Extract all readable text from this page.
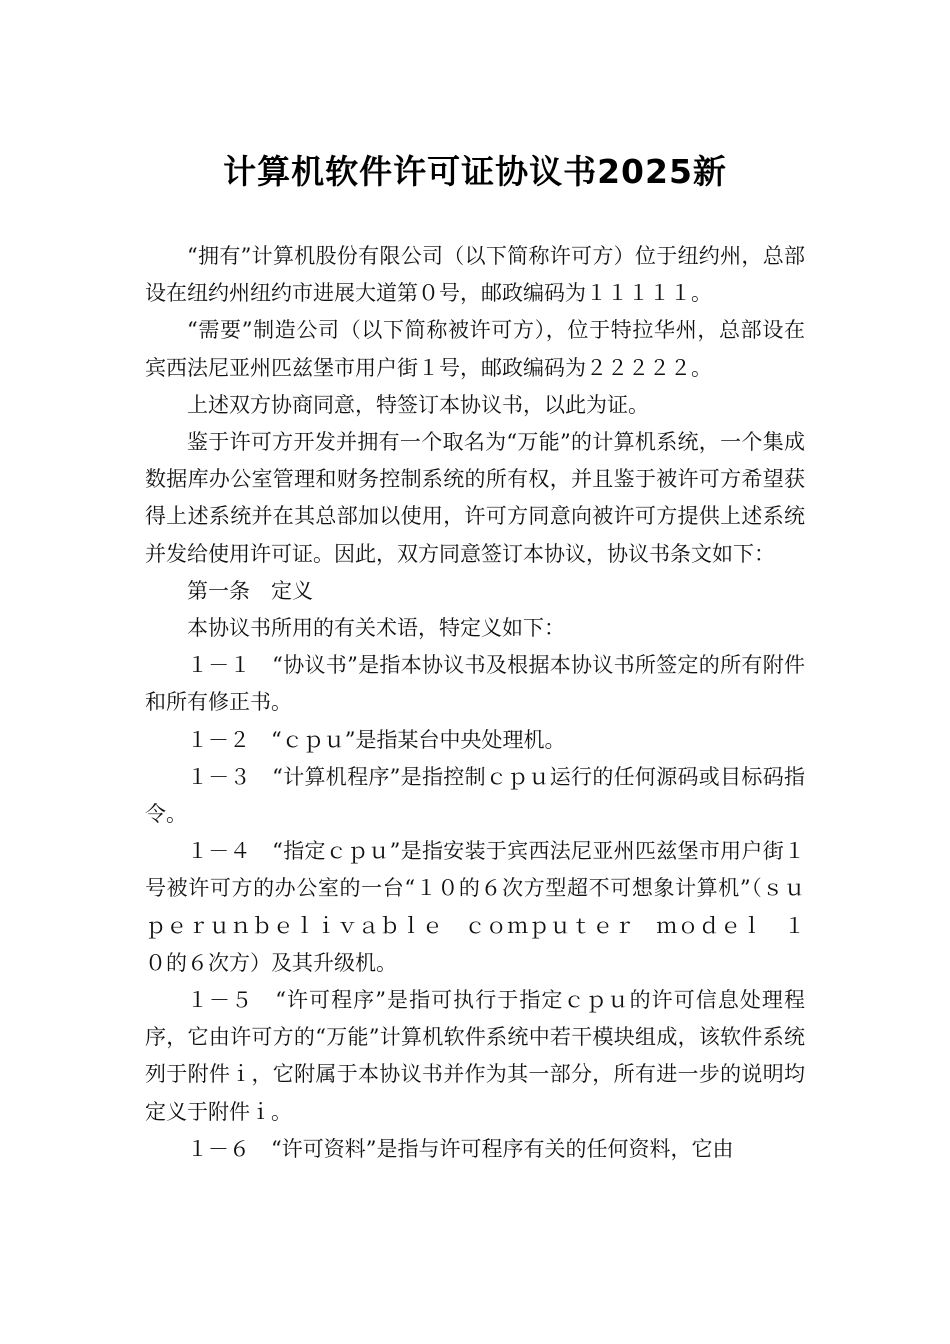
计算机软件许可证协议书2025新

“拥有”计算机股份有限公司（以下简称许可方）位于纽约州，总部设在纽约州纽约市进展大道第０号，邮政编码为１１１１１。

“需要”制造公司（以下简称被许可方），位于特拉华州，总部设在宾西法尼亚州匹兹堡市用户街１号，邮政编码为２２２２２。

上述双方协商同意，特签订本协议书，以此为证。

鉴于许可方开发并拥有一个取名为“万能”的计算机系统，一个集成数据库办公室管理和财务控制系统的所有权，并且鉴于被许可方希望获得上述系统并在其总部加以使用，许可方同意向被许可方提供上述系统并发给使用许可证。因此，双方同意签订本协议，协议书条文如下：

第一条　定义

本协议书所用的有关术语，特定义如下：

１－１　“协议书”是指本协议书及根据本协议书所签定的所有附件和所有修正书。

１－２　“ｃｐｕ”是指某台中央处理机。

１－３　“计算机程序”是指控制ｃｐｕ运行的任何源码或目标码指令。

１－４　“指定ｃｐｕ”是指安装于宾西法尼亚州匹兹堡市用户街１号被许可方的办公室的一台“１０的６次方型超不可想象计算机”（ｓｕｐｅｒｕｎｂｅｌｉｖａｂｌｅ　ｃｏｍｐｕｔｅｒ　ｍｏｄｅｌ　１０的６次方）及其升级机。

１－５　“许可程序”是指可执行于指定ｃｐｕ的许可信息处理程序，它由许可方的“万能”计算机软件系统中若干模块组成，该软件系统列于附件ｉ，它附属于本协议书并作为其一部分，所有进一步的说明均定义于附件ｉ。

１－６　“许可资料”是指与许可程序有关的任何资料，它由
